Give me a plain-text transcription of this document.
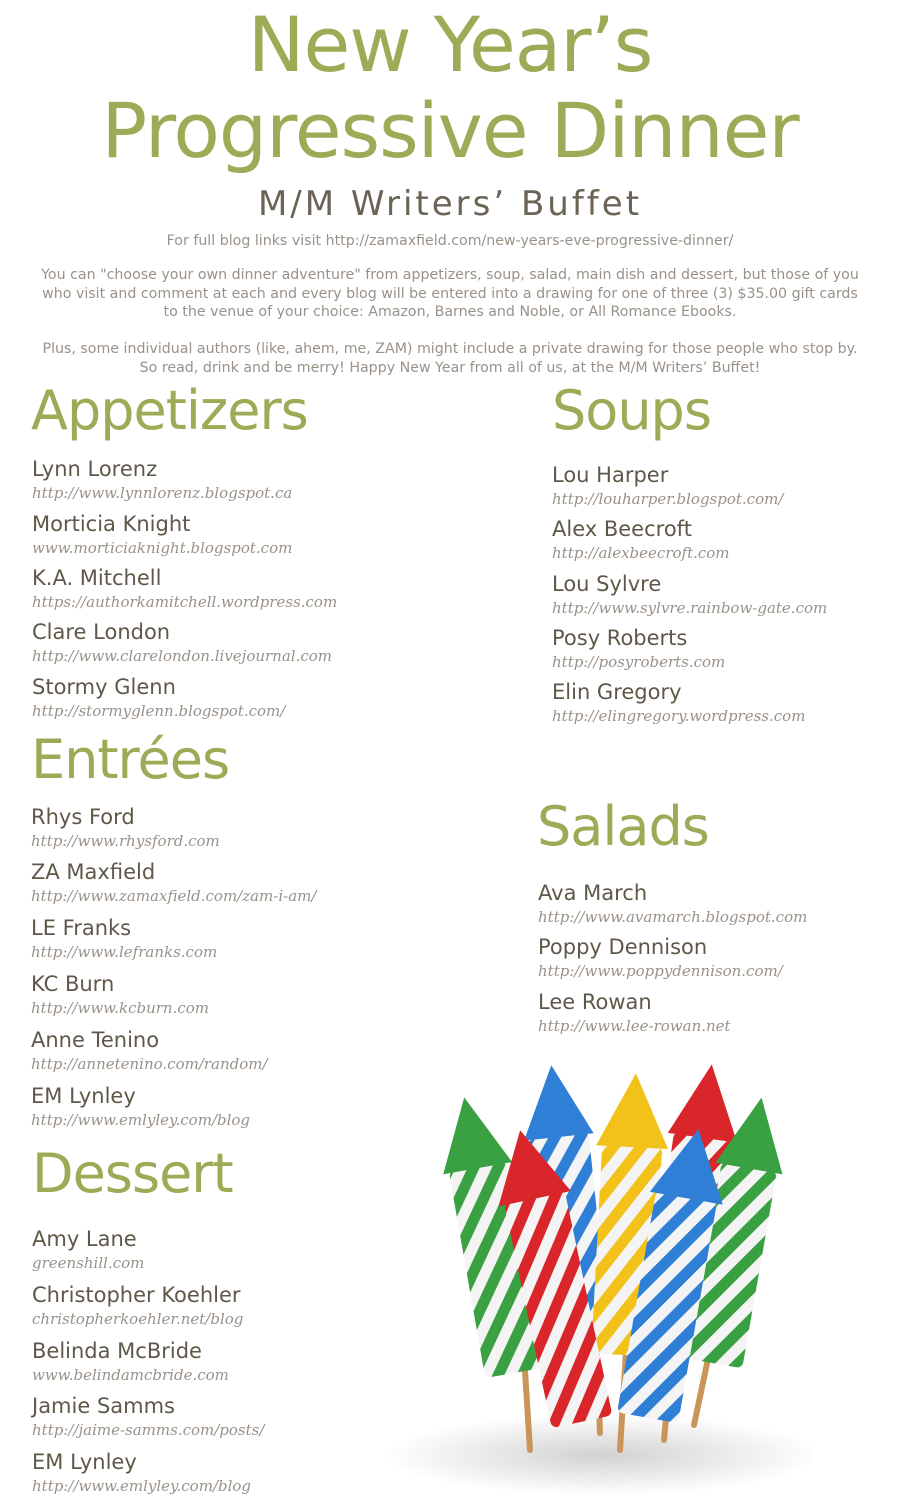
New Year’s
Progressive Dinner
M/M Writers’ Buffet

For full blog links visit http://zamaxfield.com/new-years-eve-progressive-dinner/

You can "choose your own dinner adventure" from appetizers, soup, salad, main dish and dessert, but those of you who visit and comment at each and every blog will be entered into a drawing for one of three (3) $35.00 gift cards to the venue of your choice: Amazon, Barnes and Noble, or All Romance Ebooks.

Plus, some individual authors (like, ahem, me, ZAM) might include a private drawing for those people who stop by. So read, drink and be merry! Happy New Year from all of us, at the M/M Writers’ Buffet!

Appetizers
Lynn Lorenz
http://www.lynnlorenz.blogspot.ca
Morticia Knight
www.morticiaknight.blogspot.com
K.A. Mitchell
https://authorkamitchell.wordpress.com
Clare London
http://www.clarelondon.livejournal.com
Stormy Glenn
http://stormyglenn.blogspot.com/
Soups
Lou Harper
http://louharper.blogspot.com/
Alex Beecroft
http://alexbeecroft.com
Lou Sylvre
http://www.sylvre.rainbow-gate.com
Posy Roberts
http://posyroberts.com
Elin Gregory
http://elingregory.wordpress.com
Entrées
Rhys Ford
http://www.rhysford.com
ZA Maxfield
http://www.zamaxfield.com/zam-i-am/
LE Franks
http://www.lefranks.com
KC Burn
http://www.kcburn.com
Anne Tenino
http://annetenino.com/random/
EM Lynley
http://www.emlyley.com/blog
Salads
Ava March
http://www.avamarch.blogspot.com
Poppy Dennison
http://www.poppydennison.com/
Lee Rowan
http://www.lee-rowan.net
Dessert
Amy Lane
greenshill.com
Christopher Koehler
christopherkoehler.net/blog
Belinda McBride
www.belindamcbride.com
Jamie Samms
http://jaime-samms.com/posts/
EM Lynley
http://www.emlyley.com/blog
